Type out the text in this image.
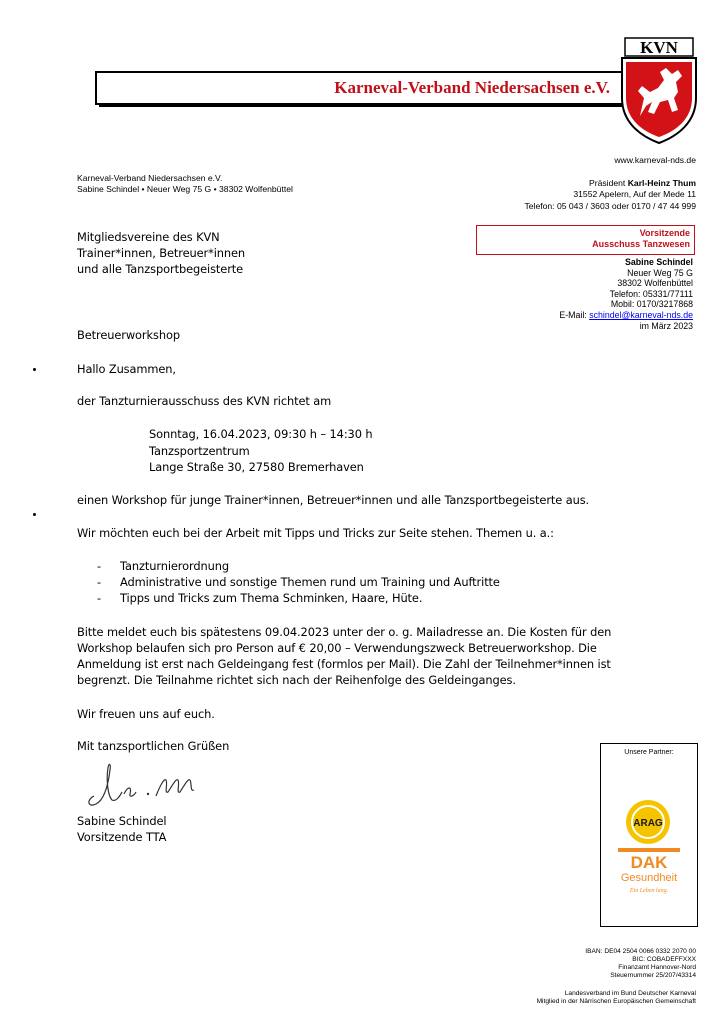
Karneval-Verband Niedersachsen e.V.
KVN
www.karneval-nds.de
Präsident Karl-Heinz Thum
31552 Apelern, Auf der Mede 11
Telefon: 05 043 / 3603 oder 0170 / 47 44 999
Karneval-Verband Niedersachsen e.V.
Sabine Schindel • Neuer Weg 75 G • 38302 Wolfenbüttel
Mitgliedsvereine des KVN
Trainer*innen, Betreuer*innen
und alle Tanzsportbegeisterte
Vorsitzende
Ausschuss Tanzwesen
Sabine Schindel
Neuer Weg 75 G
38302 Wolfenbüttel
Telefon: 05331/77111
Mobil: 0170/3217868
E-Mail: schindel@karneval-nds.de
im März 2023
Betreuerworkshop
Hallo Zusammen,
der Tanzturnierausschuss des KVN richtet am
Sonntag, 16.04.2023, 09:30 h – 14:30 h
Tanzsportzentrum
Lange Straße 30, 27580 Bremerhaven
einen Workshop für junge Trainer*innen, Betreuer*innen und alle Tanzsportbegeisterte aus.
Wir möchten euch bei der Arbeit mit Tipps und Tricks zur Seite stehen. Themen u. a.:
- Tanzturnierordnung
- Administrative und sonstige Themen rund um Training und Auftritte
- Tipps und Tricks zum Thema Schminken, Haare, Hüte.
Bitte meldet euch bis spätestens 09.04.2023 unter der o. g. Mailadresse an. Die Kosten für den
Workshop belaufen sich pro Person auf € 20,00 – Verwendungszweck Betreuerworkshop. Die
Anmeldung ist erst nach Geldeingang fest (formlos per Mail). Die Zahl der Teilnehmer*innen ist
begrenzt. Die Teilnahme richtet sich nach der Reihenfolge des Geldeinganges.
Wir freuen uns auf euch.
Mit tanzsportlichen Grüßen
Sabine Schindel
Vorsitzende TTA
Unsere Partner:
ARAG
DAK
Gesundheit
Ein Leben lang.
IBAN: DE04 2504 0066 0332 2070 00
BIC: COBADEFFXXX
Finanzamt Hannover-Nord
Steuernummer 25/207/43314
Landesverband im Bund Deutscher Karneval
Mitglied in der Närrischen Europäischen Gemeinschaft
